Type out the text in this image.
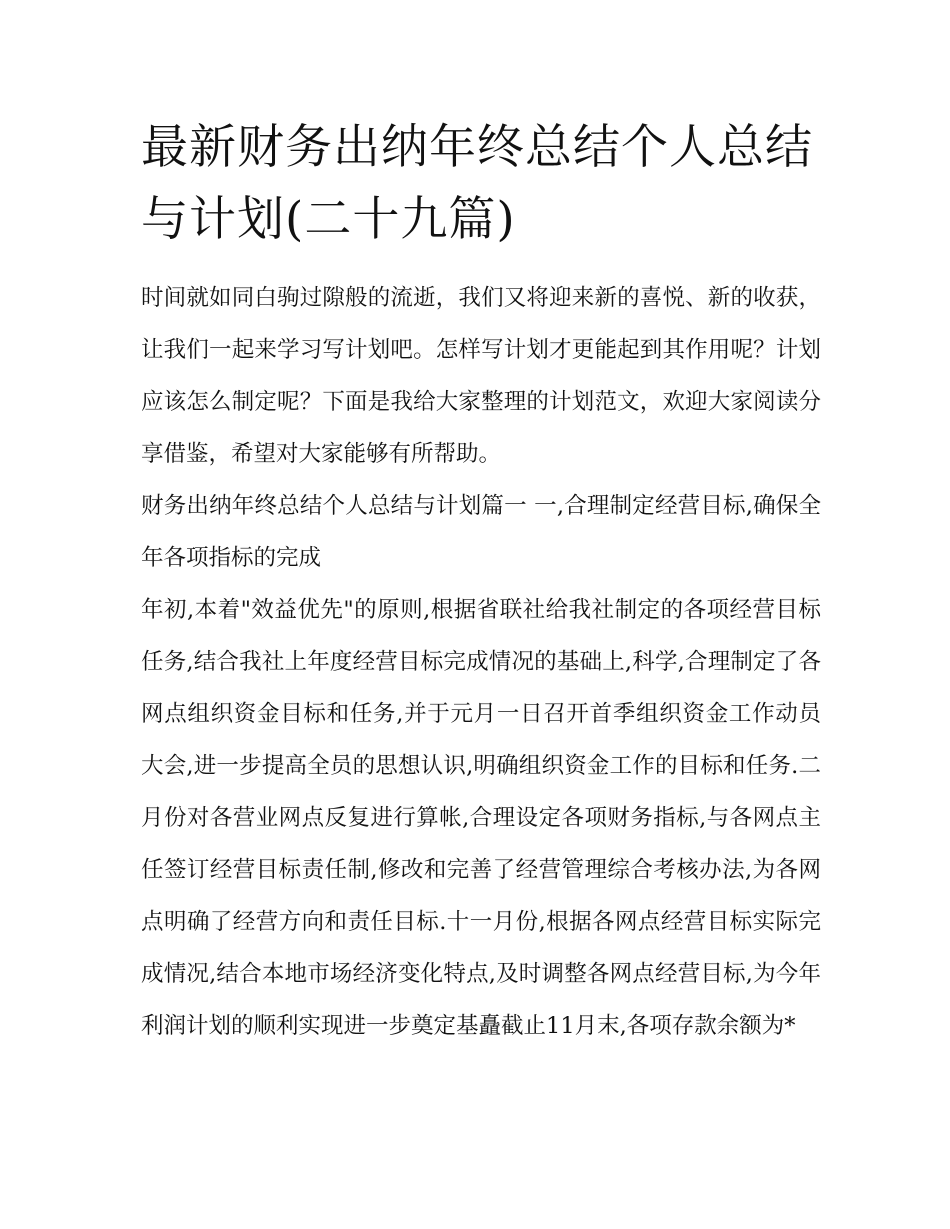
最新财务出纳年终总结个人总结与计划(二十九篇)

时间就如同白驹过隙般的流逝，我们又将迎来新的喜悦、新的收获，让我们一起来学习写计划吧。怎样写计划才更能起到其作用呢？计划应该怎么制定呢？下面是我给大家整理的计划范文，欢迎大家阅读分享借鉴，希望对大家能够有所帮助。

财务出纳年终总结个人总结与计划篇一 一,合理制定经营目标,确保全年各项指标的完成

年初,本着"效益优先"的原则,根据省联社给我社制定的各项经营目标任务,结合我社上年度经营目标完成情况的基础上,科学,合理制定了各网点组织资金目标和任务,并于元月一日召开首季组织资金工作动员大会,进一步提高全员的思想认识,明确组织资金工作的目标和任务.二月份对各营业网点反复进行算帐,合理设定各项财务指标,与各网点主任签订经营目标责任制,修改和完善了经营管理综合考核办法,为各网点明确了经营方向和责任目标.十一月份,根据各网点经营目标实际完成情况,结合本地市场经济变化特点,及时调整各网点经营目标,为今年利润计划的顺利实现进一步奠定基矗截止11月末,各项存款余额为*
